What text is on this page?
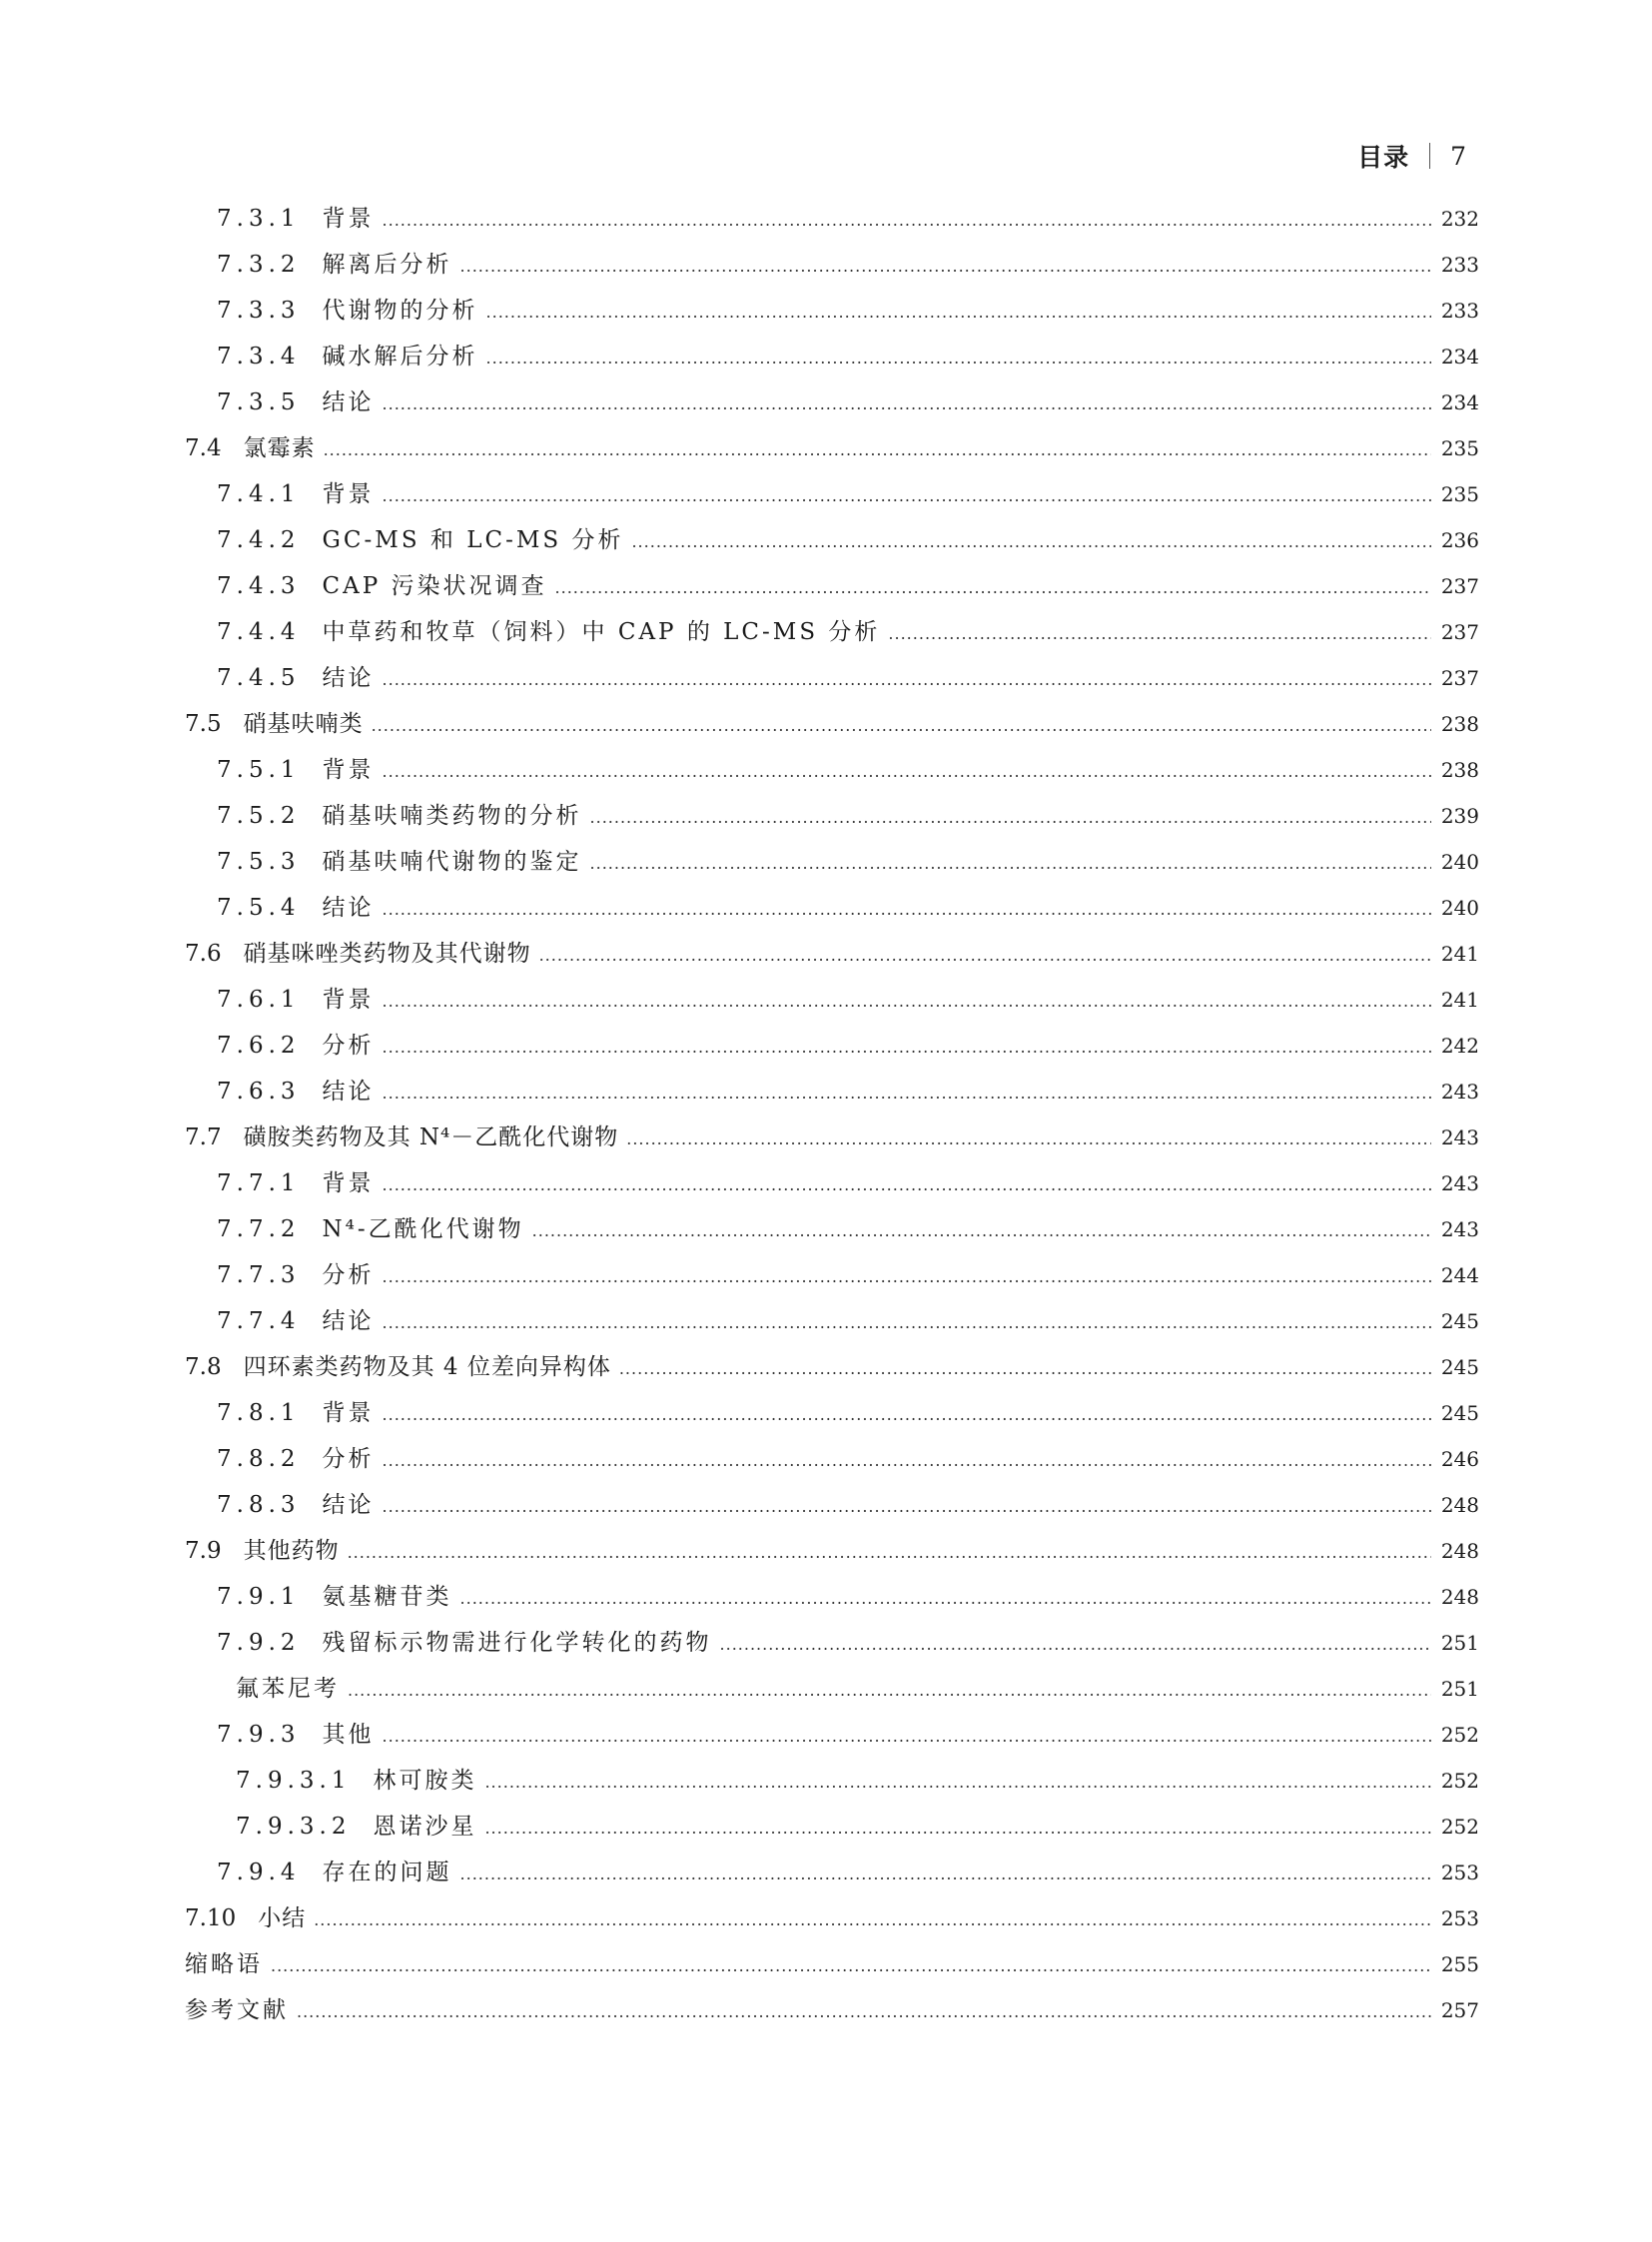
目录 7
7.3.1 背景 .....	232
7.3.2 解离后分析 .....	233
7.3.3 代谢物的分析 .....	233
7.3.4 碱水解后分析 .....	234
7.3.5 结论 .....	234
7.4 氯霉素 .....	235
7.4.1 背景 .....	235
7.4.2 GC-MS 和 LC-MS 分析 .....	236
7.4.3 CAP 污染状况调查 .....	237
7.4.4 中草药和牧草（饲料）中 CAP 的 LC-MS 分析 .....	237
7.4.5 结论 .....	237
7.5 硝基呋喃类 .....	238
7.5.1 背景 .....	238
7.5.2 硝基呋喃类药物的分析 .....	239
7.5.3 硝基呋喃代谢物的鉴定 .....	240
7.5.4 结论 .....	240
7.6 硝基咪唑类药物及其代谢物 .....	241
7.6.1 背景 .....	241
7.6.2 分析 .....	242
7.6.3 结论 .....	243
7.7 磺胺类药物及其 N⁴－乙酰化代谢物 .....	243
7.7.1 背景 .....	243
7.7.2 N⁴-乙酰化代谢物 .....	243
7.7.3 分析 .....	244
7.7.4 结论 .....	245
7.8 四环素类药物及其 4 位差向异构体 .....	245
7.8.1 背景 .....	245
7.8.2 分析 .....	246
7.8.3 结论 .....	248
7.9 其他药物 .....	248
7.9.1 氨基糖苷类 .....	248
7.9.2 残留标示物需进行化学转化的药物 .....	251
氟苯尼考 .....	251
7.9.3 其他 .....	252
7.9.3.1 林可胺类 .....	252
7.9.3.2 恩诺沙星 .....	252
7.9.4 存在的问题 .....	253
7.10 小结 .....	253
缩略语 .....	255
参考文献 .....	257
